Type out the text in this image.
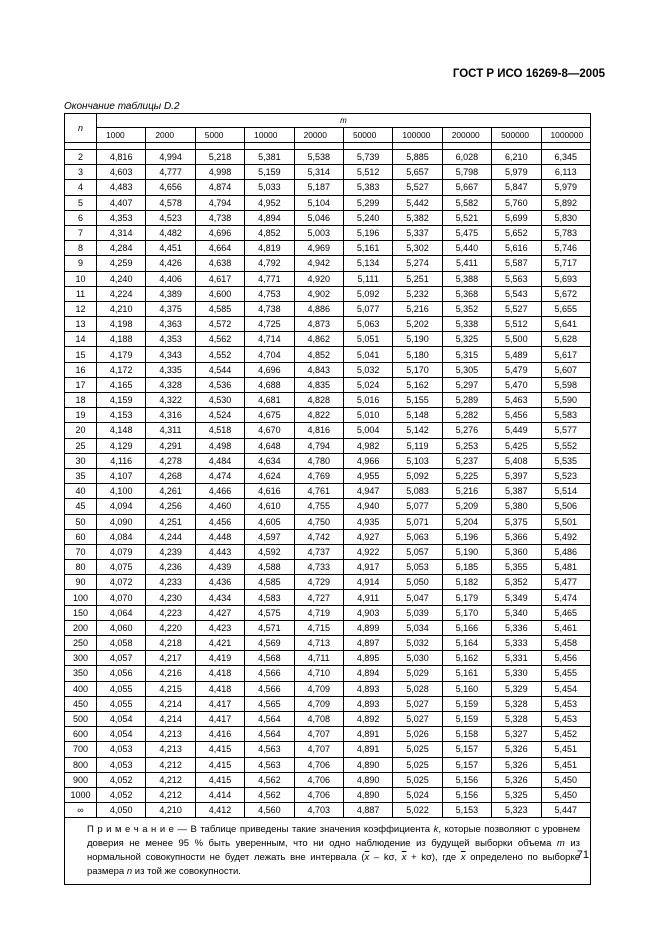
ГОСТ Р ИСО 16269-8—2005
Окончание таблицы D.2
n	m									
	1000	2000	5000	10000	20000	50000	100000	200000	500000	1000000

2	4,816	4,994	5,218	5,381	5,538	5,739	5,885	6,028	6,210	6,345
3	4,603	4,777	4,998	5,159	5,314	5,512	5,657	5,798	5,979	6,113
4	4,483	4,656	4,874	5,033	5,187	5,383	5,527	5,667	5,847	5,979
5	4,407	4,578	4,794	4,952	5,104	5,299	5,442	5,582	5,760	5,892
6	4,353	4,523	4,738	4,894	5,046	5,240	5,382	5,521	5,699	5,830
7	4,314	4,482	4,696	4,852	5,003	5,196	5,337	5,475	5,652	5,783
8	4,284	4,451	4,664	4,819	4,969	5,161	5,302	5,440	5,616	5,746
9	4,259	4,426	4,638	4,792	4,942	5,134	5,274	5,411	5,587	5,717
10	4,240	4,406	4,617	4,771	4,920	5,111	5,251	5,388	5,563	5,693
11	4,224	4,389	4,600	4,753	4,902	5,092	5,232	5,368	5,543	5,672
12	4,210	4,375	4,585	4,738	4,886	5,077	5,216	5,352	5,527	5,655
13	4,198	4,363	4,572	4,725	4,873	5,063	5,202	5,338	5,512	5,641
14	4,188	4,353	4,562	4,714	4,862	5,051	5,190	5,325	5,500	5,628
15	4,179	4,343	4,552	4,704	4,852	5,041	5,180	5,315	5,489	5,617
16	4,172	4,335	4,544	4,696	4,843	5,032	5,170	5,305	5,479	5,607
17	4,165	4,328	4,536	4,688	4,835	5,024	5,162	5,297	5,470	5,598
18	4,159	4,322	4,530	4,681	4,828	5,016	5,155	5,289	5,463	5,590
19	4,153	4,316	4,524	4,675	4,822	5,010	5,148	5,282	5,456	5,583
20	4,148	4,311	4,518	4,670	4,816	5,004	5,142	5,276	5,449	5,577
25	4,129	4,291	4,498	4,648	4,794	4,982	5,119	5,253	5,425	5,552
30	4,116	4,278	4,484	4,634	4,780	4,966	5,103	5,237	5,408	5,535
35	4,107	4,268	4,474	4,624	4,769	4,955	5,092	5,225	5,397	5,523
40	4,100	4,261	4,466	4,616	4,761	4,947	5,083	5,216	5,387	5,514
45	4,094	4,256	4,460	4,610	4,755	4,940	5,077	5,209	5,380	5,506
50	4,090	4,251	4,456	4,605	4,750	4,935	5,071	5,204	5,375	5,501
60	4,084	4,244	4,448	4,597	4,742	4,927	5,063	5,196	5,366	5,492
70	4,079	4,239	4,443	4,592	4,737	4,922	5,057	5,190	5,360	5,486
80	4,075	4,236	4,439	4,588	4,733	4,917	5,053	5,185	5,355	5,481
90	4,072	4,233	4,436	4,585	4,729	4,914	5,050	5,182	5,352	5,477
100	4,070	4,230	4,434	4,583	4,727	4,911	5,047	5,179	5,349	5,474
150	4,064	4,223	4,427	4,575	4,719	4,903	5,039	5,170	5,340	5,465
200	4,060	4,220	4,423	4,571	4,715	4,899	5,034	5,166	5,336	5,461
250	4,058	4,218	4,421	4,569	4,713	4,897	5,032	5,164	5,333	5,458
300	4,057	4,217	4,419	4,568	4,711	4,895	5,030	5,162	5,331	5,456
350	4,056	4,216	4,418	4,566	4,710	4,894	5,029	5,161	5,330	5,455
400	4,055	4,215	4,418	4,566	4,709	4,893	5,028	5,160	5,329	5,454
450	4,055	4,214	4,417	4,565	4,709	4,893	5,027	5,159	5,328	5,453
500	4,054	4,214	4,417	4,564	4,708	4,892	5,027	5,159	5,328	5,453
600	4,054	4,213	4,416	4,564	4,707	4,891	5,026	5,158	5,327	5,452
700	4,053	4,213	4,415	4,563	4,707	4,891	5,025	5,157	5,326	5,451
800	4,053	4,212	4,415	4,563	4,706	4,890	5,025	5,157	5,326	5,451
900	4,052	4,212	4,415	4,562	4,706	4,890	5,025	5,156	5,326	5,450
1000	4,052	4,212	4,414	4,562	4,706	4,890	5,024	5,156	5,325	5,450
∞	4,050	4,210	4,412	4,560	4,703	4,887	5,022	5,153	5,323	5,447
П р и м е ч а н и е — В таблице приведены такие значения коэффициента k, которые позволяют с уровнем доверия не менее 95 % быть уверенным, что ни одно наблюдение из будущей выборки объема m из нормальной совокупности не будет лежать вне интервала ($\overline{x}$ – kσ, $\overline{x} + k\sigma$), где $\overline{x}$ определено по выборке размера n из той же совокупности.
71
